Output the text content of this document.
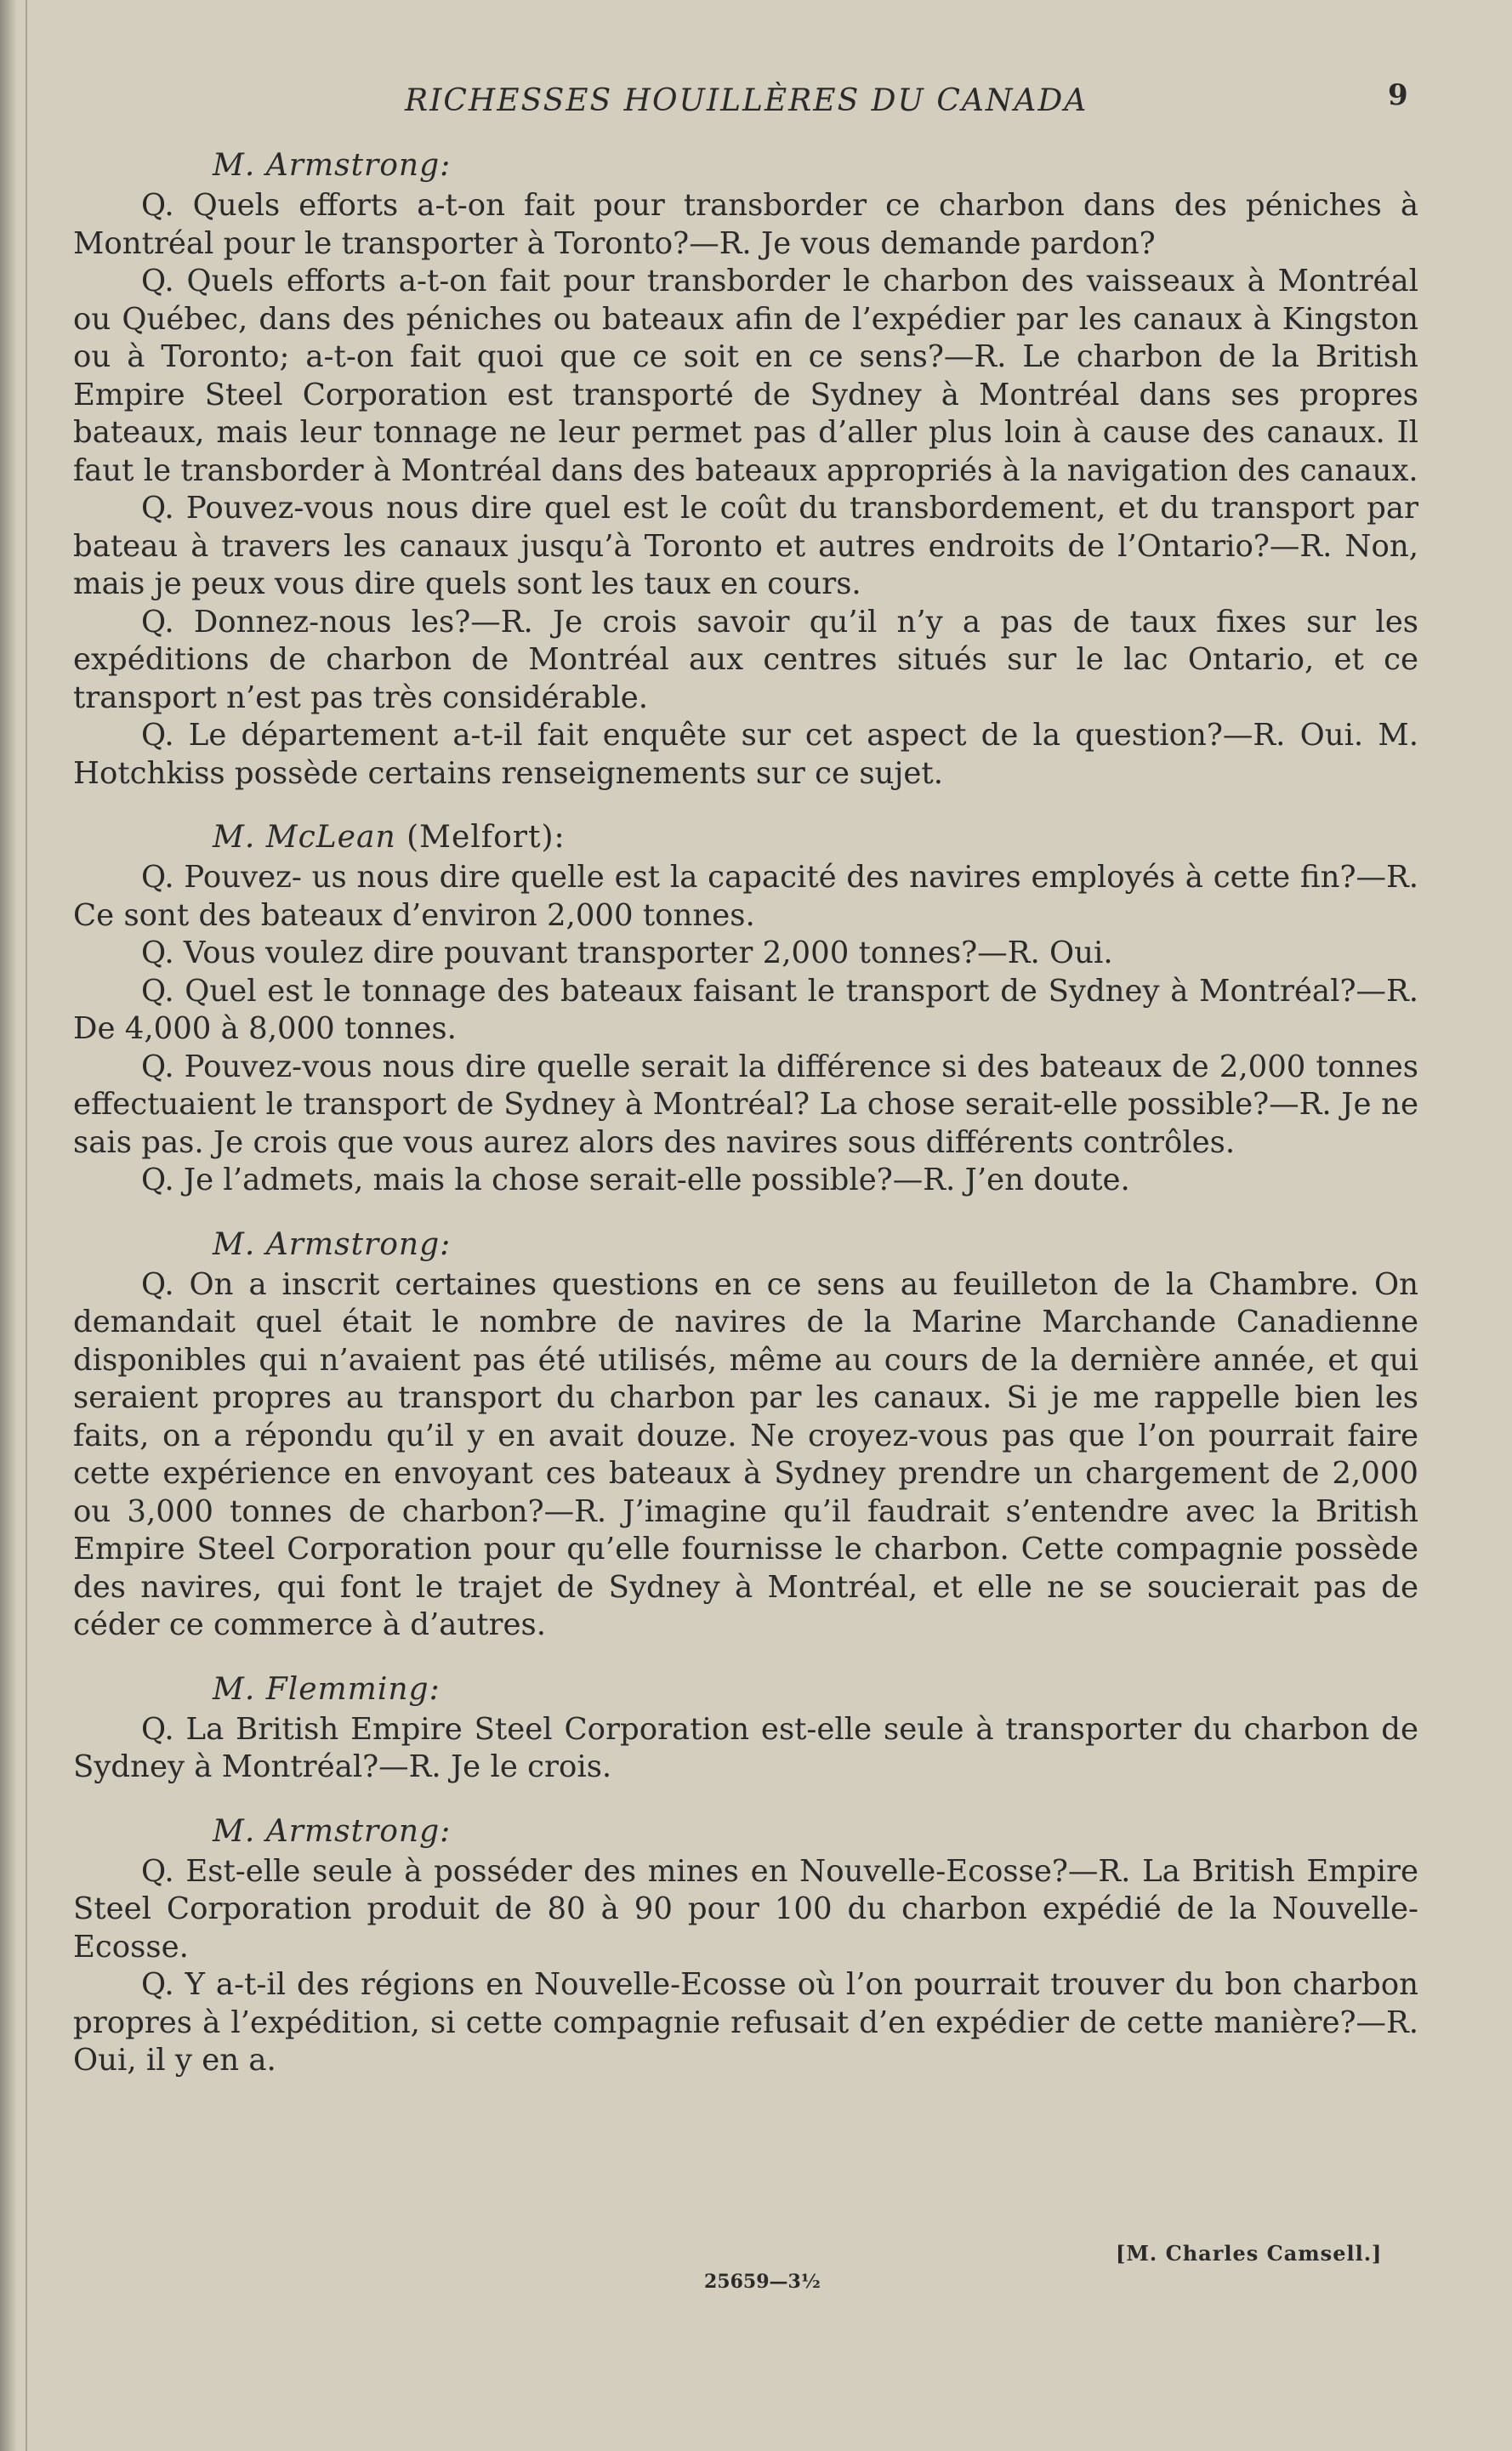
RICHESSES HOUILLÈRES DU CANADA	9
M. Armstrong:

Q. Quels efforts a-t-on fait pour transborder ce charbon dans des péniches à Montréal pour le transporter à Toronto?—R. Je vous demande pardon?

Q. Quels efforts a-t-on fait pour transborder le charbon des vaisseaux à Montréal ou Québec, dans des péniches ou bateaux afin de l’expédier par les canaux à Kingston ou à Toronto; a-t-on fait quoi que ce soit en ce sens?—R. Le charbon de la British Empire Steel Corporation est transporté de Sydney à Montréal dans ses propres bateaux, mais leur tonnage ne leur permet pas d’aller plus loin à cause des canaux. Il faut le transborder à Montréal dans des bateaux appropriés à la navigation des canaux.

Q. Pouvez-vous nous dire quel est le coût du transbordement, et du transport par bateau à travers les canaux jusqu’à Toronto et autres endroits de l’Ontario?—R. Non, mais je peux vous dire quels sont les taux en cours.

Q. Donnez-nous les?—R. Je crois savoir qu’il n’y a pas de taux fixes sur les expéditions de charbon de Montréal aux centres situés sur le lac Ontario, et ce transport n’est pas très considérable.

Q. Le département a-t-il fait enquête sur cet aspect de la question?—R. Oui. M. Hotchkiss possède certains renseignements sur ce sujet.

M. McLean (Melfort):

Q. Pouvez- us nous dire quelle est la capacité des navires employés à cette fin?—R. Ce sont des bateaux d’environ 2,000 tonnes.

Q. Vous voulez dire pouvant transporter 2,000 tonnes?—R. Oui.

Q. Quel est le tonnage des bateaux faisant le transport de Sydney à Montréal?—R. De 4,000 à 8,000 tonnes.

Q. Pouvez-vous nous dire quelle serait la différence si des bateaux de 2,000 tonnes effectuaient le transport de Sydney à Montréal? La chose serait-elle possible?—R. Je ne sais pas. Je crois que vous aurez alors des navires sous différents contrôles.

Q. Je l’admets, mais la chose serait-elle possible?—R. J’en doute.

M. Armstrong:

Q. On a inscrit certaines questions en ce sens au feuilleton de la Chambre. On demandait quel était le nombre de navires de la Marine Marchande Canadienne disponibles qui n’avaient pas été utilisés, même au cours de la dernière année, et qui seraient propres au transport du charbon par les canaux. Si je me rappelle bien les faits, on a répondu qu’il y en avait douze. Ne croyez-vous pas que l’on pourrait faire cette expérience en envoyant ces bateaux à Sydney prendre un chargement de 2,000 ou 3,000 tonnes de charbon?—R. J’imagine qu’il faudrait s’entendre avec la British Empire Steel Corporation pour qu’elle fournisse le charbon. Cette compagnie possède des navires, qui font le trajet de Sydney à Montréal, et elle ne se soucierait pas de céder ce commerce à d’autres.

M. Flemming:

Q. La British Empire Steel Corporation est-elle seule à transporter du charbon de Sydney à Montréal?—R. Je le crois.

M. Armstrong:

Q. Est-elle seule à posséder des mines en Nouvelle-Ecosse?—R. La British Empire Steel Corporation produit de 80 à 90 pour 100 du charbon expédié de la Nouvelle-Ecosse.

Q. Y a-t-il des régions en Nouvelle-Ecosse où l’on pourrait trouver du bon charbon propres à l’expédition, si cette compagnie refusait d’en expédier de cette manière?—R. Oui, il y en a.

[M. Charles Camsell.]
25659—3½
